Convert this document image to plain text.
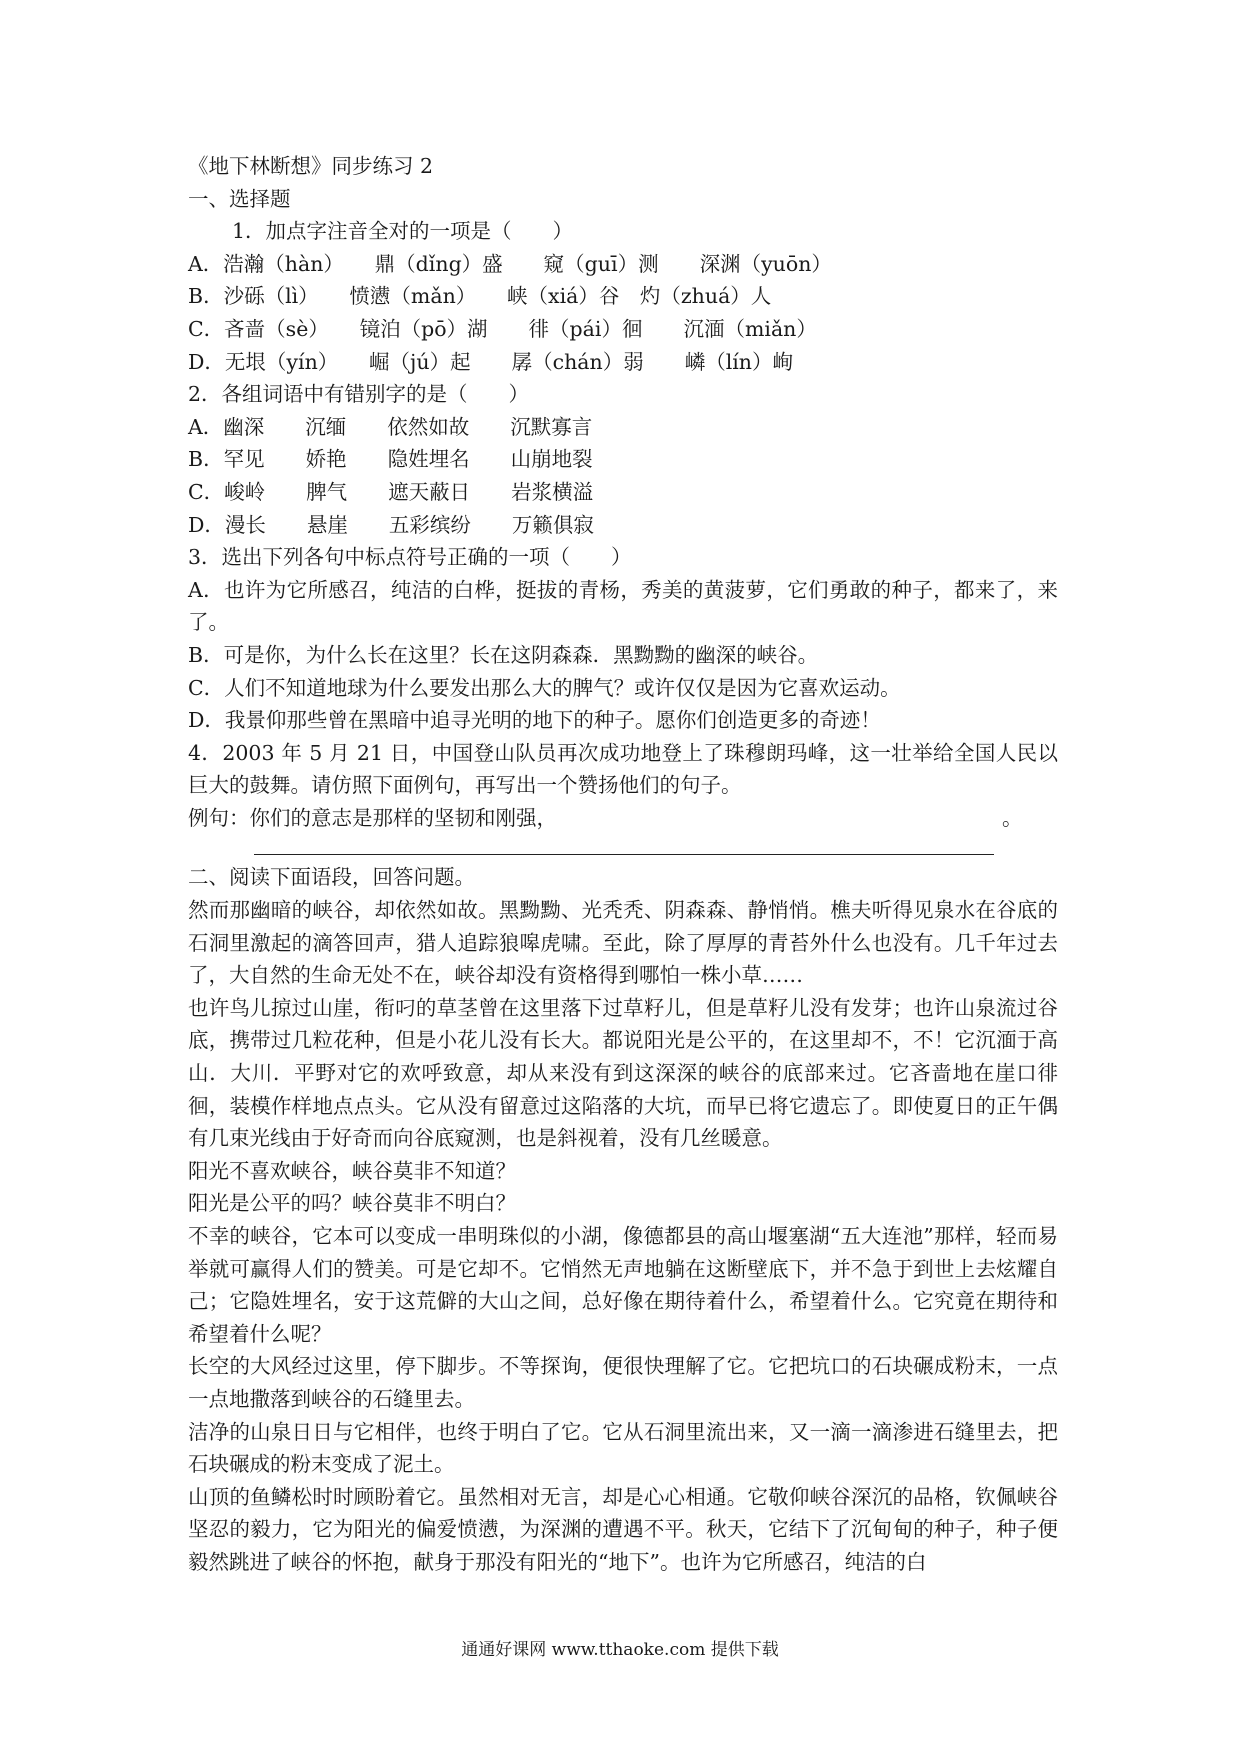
《地下林断想》同步练习 2
一、选择题
1．加点字注音全对的一项是（　　）
A．浩瀚（hàn）　　鼎（dǐng）盛　　窥（guī）测　　深渊（yuōn）
B．沙砾（lì）　　愤懑（mǎn）　　峡（xiá）谷　灼（zhuá）人
C．吝啬（sè）　　镜泊（pō）湖　　徘（pái）徊　　沉湎（miǎn）
D．无垠（yín）　　崛（jú）起　　孱（chán）弱　　嶙（lín）峋
2．各组词语中有错别字的是（　　）
A．幽深　　沉缅　　依然如故　　沉默寡言
B．罕见　　娇艳　　隐姓埋名　　山崩地裂
C．峻岭　　脾气　　遮天蔽日　　岩浆横溢
D．漫长　　悬崖　　五彩缤纷　　万籁俱寂
3．选出下列各句中标点符号正确的一项（　　）
A．也许为它所感召，纯洁的白桦，挺拔的青杨，秀美的黄菠萝，它们勇敢的种子，都来了，来了。
B．可是你，为什么长在这里？长在这阴森森．黑黝黝的幽深的峡谷。
C．人们不知道地球为什么要发出那么大的脾气？或许仅仅是因为它喜欢运动。
D．我景仰那些曾在黑暗中追寻光明的地下的种子。愿你们创造更多的奇迹！
4．2003 年 5 月 21 日，中国登山队员再次成功地登上了珠穆朗玛峰，这一壮举给全国人民以巨大的鼓舞。请仿照下面例句，再写出一个赞扬他们的句子。
例句：你们的意志是那样的坚韧和刚强，	。
二、阅读下面语段，回答问题。
然而那幽暗的峡谷，却依然如故。黑黝黝、光秃秃、阴森森、静悄悄。樵夫听得见泉水在谷底的石洞里激起的滴答回声，猎人追踪狼嗥虎啸。至此，除了厚厚的青苔外什么也没有。几千年过去了，大自然的生命无处不在，峡谷却没有资格得到哪怕一株小草……
也许鸟儿掠过山崖，衔叼的草茎曾在这里落下过草籽儿，但是草籽儿没有发芽；也许山泉流过谷底，携带过几粒花种，但是小花儿没有长大。都说阳光是公平的，在这里却不，不！它沉湎于高山．大川．平野对它的欢呼致意，却从来没有到这深深的峡谷的底部来过。它吝啬地在崖口徘徊，装模作样地点点头。它从没有留意过这陷落的大坑，而早已将它遗忘了。即使夏日的正午偶有几束光线由于好奇而向谷底窥测，也是斜视着，没有几丝暖意。
阳光不喜欢峡谷，峡谷莫非不知道？
阳光是公平的吗？峡谷莫非不明白？
不幸的峡谷，它本可以变成一串明珠似的小湖，像德都县的高山堰塞湖“五大连池”那样，轻而易举就可赢得人们的赞美。可是它却不。它悄然无声地躺在这断壁底下，并不急于到世上去炫耀自己；它隐姓埋名，安于这荒僻的大山之间，总好像在期待着什么，希望着什么。它究竟在期待和希望着什么呢？
长空的大风经过这里，停下脚步。不等探询，便很快理解了它。它把坑口的石块碾成粉末，一点一点地撒落到峡谷的石缝里去。
洁净的山泉日日与它相伴，也终于明白了它。它从石洞里流出来，又一滴一滴渗进石缝里去，把石块碾成的粉末变成了泥土。
山顶的鱼鳞松时时顾盼着它。虽然相对无言，却是心心相通。它敬仰峡谷深沉的品格，钦佩峡谷坚忍的毅力，它为阳光的偏爱愤懑，为深渊的遭遇不平。秋天，它结下了沉甸甸的种子，种子便毅然跳进了峡谷的怀抱，献身于那没有阳光的“地下”。也许为它所感召，纯洁的白
通通好课网 www.tthaoke.com 提供下载
